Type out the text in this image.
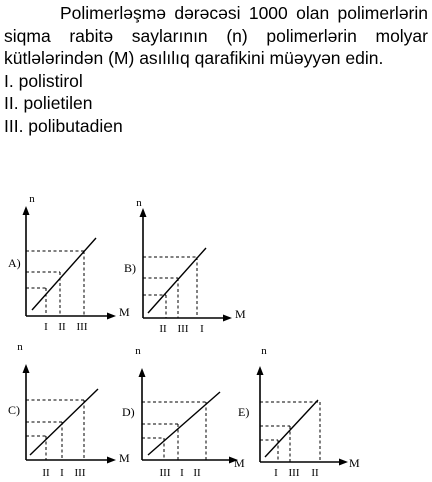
Polimerləşmə dərəcəsi 1000 olan polimerlərin siqma rabitə saylarının (n) polimerlərin molyar kütlələrindən (M) asılılıq qarafikini müəyyən edin.

I. polistirol
II. polietilen
III. polibutadien
n
M
A)
I II III
n
M
B)
II III I
n
M
C)
II I III
n
M
D)
III I II
n
M
E)
I III II
